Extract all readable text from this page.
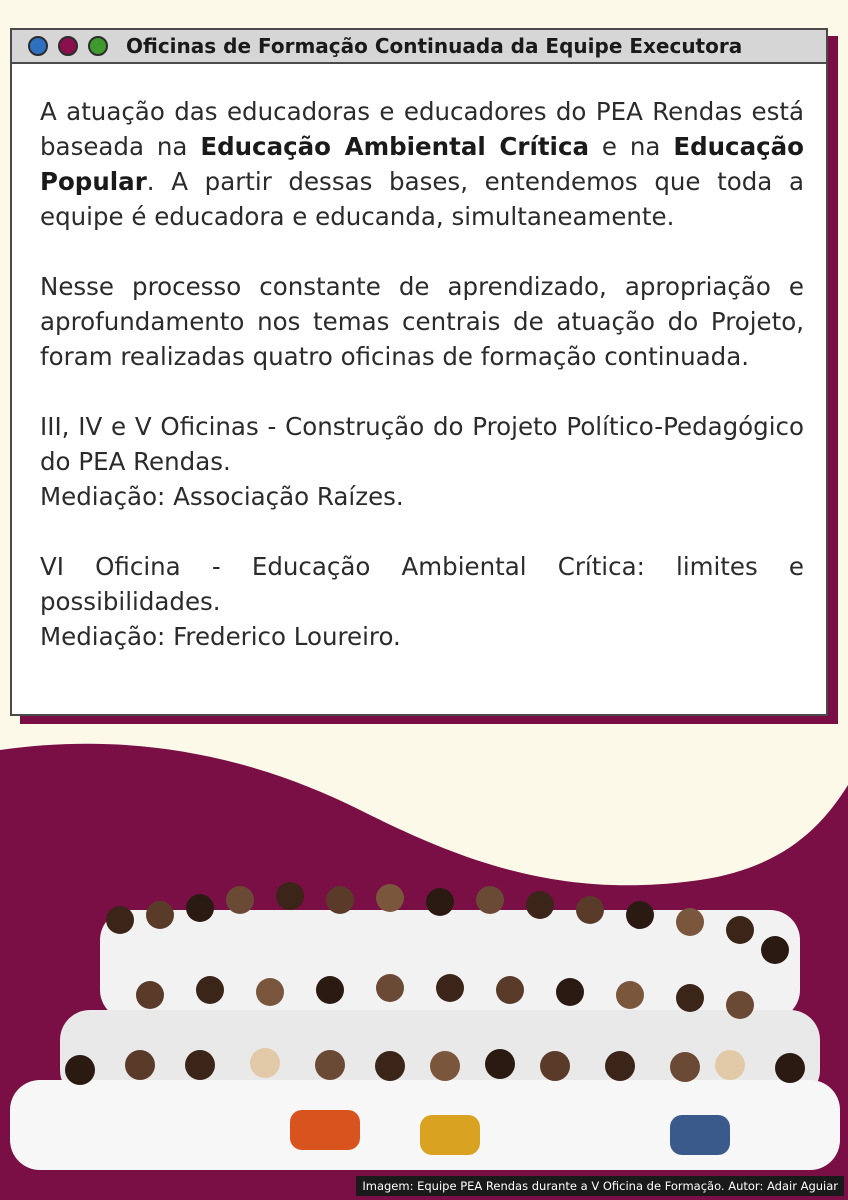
Oficinas de Formação Continuada da Equipe Executora

A atuação das educadoras e educadores do PEA Rendas está baseada na Educação Ambiental Crítica e na Educação Popular. A partir dessas bases, entendemos que toda a equipe é educadora e educanda, simultaneamente.

Nesse processo constante de aprendizado, apropriação e aprofundamento nos temas centrais de atuação do Projeto, foram realizadas quatro oficinas de formação continuada.

III, IV e V Oficinas - Construção do Projeto Político-Pedagógico do PEA Rendas.

Mediação: Associação Raízes.

VI Oficina - Educação Ambiental Crítica: limites e possibilidades.

Mediação: Frederico Loureiro.

Imagem: Equipe PEA Rendas durante a V Oficina de Formação. Autor: Adair Aguiar
